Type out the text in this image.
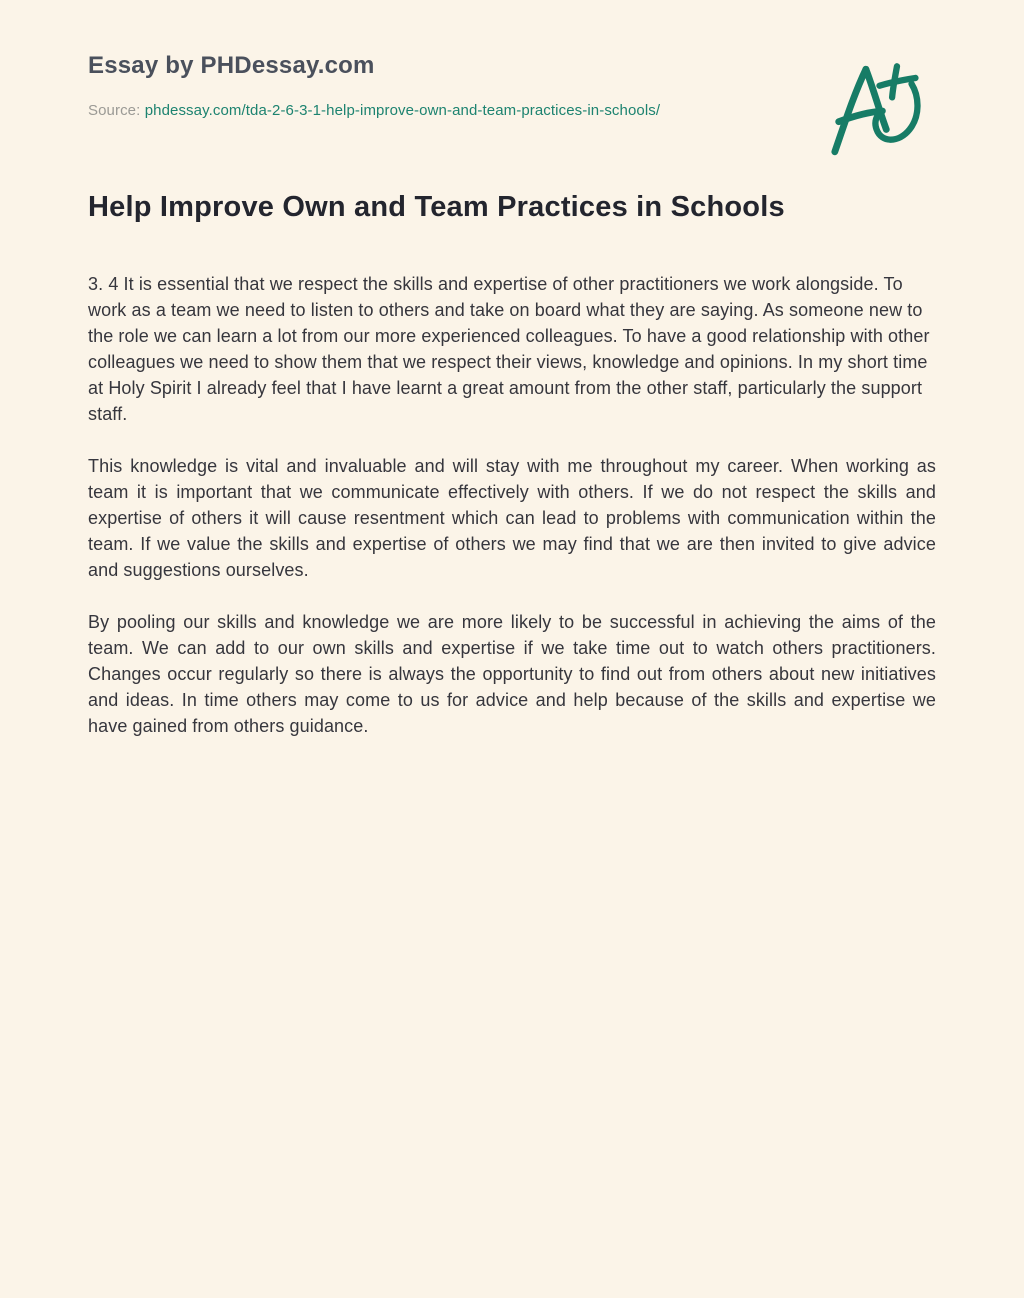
Essay by PHDessay.com

Source: phdessay.com/tda-2-6-3-1-help-improve-own-and-team-practices-in-schools/

Help Improve Own and Team Practices in Schools

3. 4 It is essential that we respect the skills and expertise of other practitioners we work alongside. To work as a team we need to listen to others and take on board what they are saying. As someone new to the role we can learn a lot from our more experienced colleagues. To have a good relationship with other colleagues we need to show them that we respect their views, knowledge and opinions. In my short time at Holy Spirit I already feel that I have learnt a great amount from the other staff, particularly the support staff.

This knowledge is vital and invaluable and will stay with me throughout my career. When working as team it is important that we communicate effectively with others. If we do not respect the skills and expertise of others it will cause resentment which can lead to problems with communication within the team. If we value the skills and expertise of others we may find that we are then invited to give advice and suggestions ourselves.

By pooling our skills and knowledge we are more likely to be successful in achieving the aims of the team. We can add to our own skills and expertise if we take time out to watch others practitioners. Changes occur regularly so there is always the opportunity to find out from others about new initiatives and ideas. In time others may come to us for advice and help because of the skills and expertise we have gained from others guidance.
